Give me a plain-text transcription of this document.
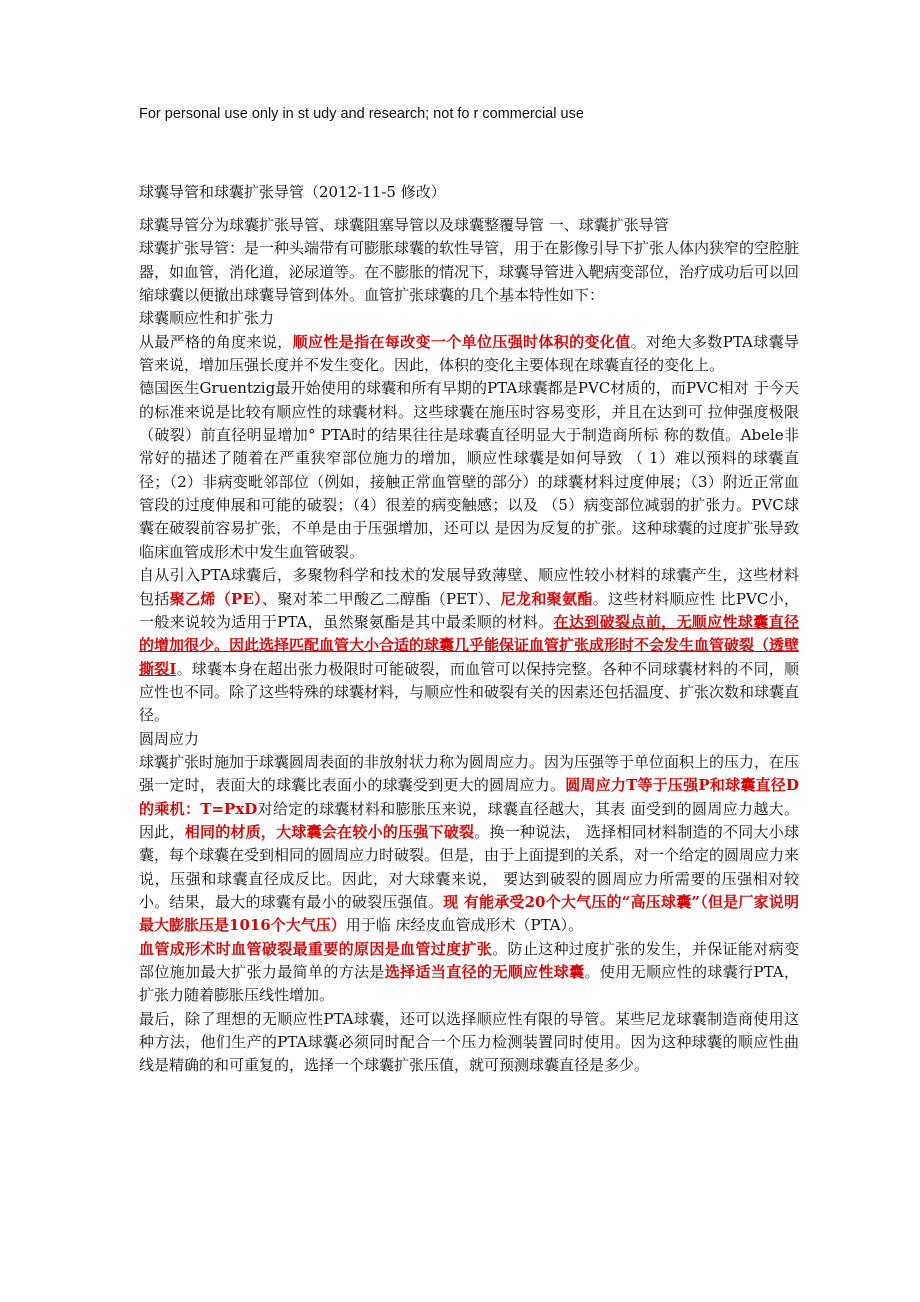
For personal use only in st udy and research; not fo r commercial use
球囊导管和球囊扩张导管（2012-11-5 修改）

球囊导管分为球囊扩张导管、球囊阻塞导管以及球囊整覆导管 一、球囊扩张导管

球囊扩张导管：是一种头端带有可膨胀球囊的软性导管，用于在影像引导下扩张人体内狭窄的空腔脏器，如血管，消化道，泌尿道等。在不膨胀的情况下，球囊导管进入靶病变部位，治疗成功后可以回缩球囊以便撤出球囊导管到体外。血管扩张球囊的几个基本特性如下：

球囊顺应性和扩张力

从最严格的角度来说，顺应性是指在每改变一个单位压强时体积的变化值。对绝大多数PTA球囊导管来说，增加压强长度并不发生变化。因此，体积的变化主要体现在球囊直径的变化上。

德国医生Gruentzig最开始使用的球囊和所有早期的PTA球囊都是PVC材质的，而PVC相对 于今天的标准来说是比较有顺应性的球囊材料。这些球囊在施压时容易变形，并且在达到可 拉伸强度极限（破裂）前直径明显增加° PTA时的结果往往是球囊直径明显大于制造商所标 称的数值。Abele非常好的描述了随着在严重狭窄部位施力的增加，顺应性球囊是如何导致 （ 1）难以预料的球囊直径；（2）非病变毗邻部位（例如，接触正常血管壁的部分）的球囊材料过度伸展；（3）附近正常血管段的过度伸展和可能的破裂；（4）很差的病变触感；以及 （5）病变部位减弱的扩张力。PVC球囊在破裂前容易扩张，不单是由于压强增加，还可以 是因为反复的扩张。这种球囊的过度扩张导致临床血管成形术中发生血管破裂。

自从引入PTA球囊后，多聚物科学和技术的发展导致薄壁、顺应性较小材料的球囊产生，这些材料包括聚乙烯（PE）、聚对苯二甲酸乙二醇酯（PET）、尼龙和聚氨酯。这些材料顺应性 比PVC小，一般来说较为适用于PTA，虽然聚氨酯是其中最柔顺的材料。在达到破裂点前，无顺应性球囊直径的增加很少。因此选择匹配血管大小合适的球囊几乎能保证血管扩张成形时不会发生血管破裂（透壁撕裂I。球囊本身在超出张力极限时可能破裂，而血管可以保持完整。各种不同球囊材料的不同，顺应性也不同。除了这些特殊的球囊材料，与顺应性和破裂有关的因素还包括温度、扩张次数和球囊直径。

圆周应力

球囊扩张时施加于球囊圆周表面的非放射状力称为圆周应力。因为压强等于单位面积上的压力，在压强一定时，表面大的球囊比表面小的球囊受到更大的圆周应力。圆周应力T等于压强P和球囊直径D的乘机：T=PxD对给定的球囊材料和膨胀压来说，球囊直径越大，其表 面受到的圆周应力越大。因此，相同的材质，大球囊会在较小的压强下破裂。换一种说法， 选择相同材料制造的不同大小球囊，每个球囊在受到相同的圆周应力时破裂。但是，由于上面提到的关系，对一个给定的圆周应力来说，压强和球囊直径成反比。因此，对大球囊来说， 要达到破裂的圆周应力所需要的压强相对较小。结果，最大的球囊有最小的破裂压强值。现 有能承受20个大气压的“高压球囊”（但是厂家说明最大膨胀压是1016个大气压）用于临 床经皮血管成形术（PTA）。

血管成形术时血管破裂最重要的原因是血管过度扩张。防止这种过度扩张的发生，并保证能对病变部位施加最大扩张力最简单的方法是选择适当直径的无顺应性球囊。使用无顺应性的球囊行PTA，扩张力随着膨胀压线性增加。

最后，除了理想的无顺应性PTA球囊，还可以选择顺应性有限的导管。某些尼龙球囊制造商使用这种方法，他们生产的PTA球囊必须同时配合一个压力检测装置同时使用。因为这种球囊的顺应性曲线是精确的和可重复的，选择一个球囊扩张压值，就可预测球囊直径是多少。
